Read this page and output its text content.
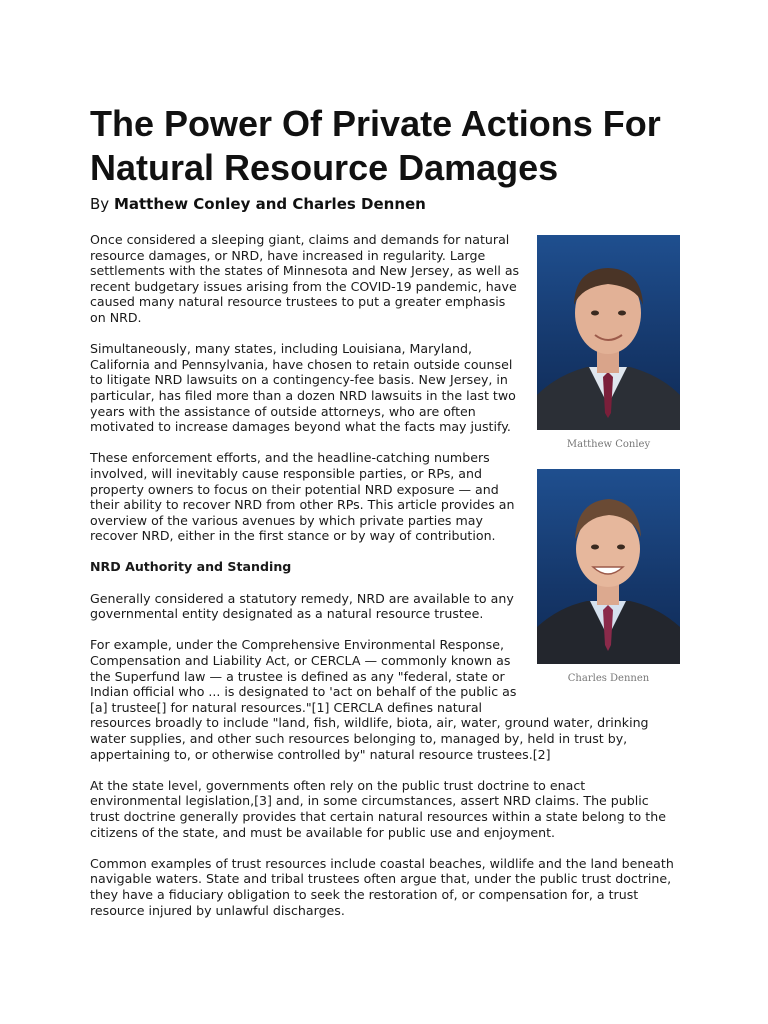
The Power Of Private Actions For Natural Resource Damages
By Matthew Conley and Charles Dennen
Matthew Conley
Charles Dennen

Once considered a sleeping giant, claims and demands for natural resource damages, or NRD, have increased in regularity. Large settlements with the states of Minnesota and New Jersey, as well as recent budgetary issues arising from the COVID-19 pandemic, have caused many natural resource trustees to put a greater emphasis on NRD.

Simultaneously, many states, including Louisiana, Maryland, California and Pennsylvania, have chosen to retain outside counsel to litigate NRD lawsuits on a contingency-fee basis. New Jersey, in particular, has filed more than a dozen NRD lawsuits in the last two years with the assistance of outside attorneys, who are often motivated to increase damages beyond what the facts may justify.

These enforcement efforts, and the headline-catching numbers involved, will inevitably cause responsible parties, or RPs, and property owners to focus on their potential NRD exposure — and their ability to recover NRD from other RPs. This article provides an overview of the various avenues by which private parties may recover NRD, either in the first stance or by way of contribution.

NRD Authority and Standing

Generally considered a statutory remedy, NRD are available to any governmental entity designated as a natural resource trustee.

For example, under the Comprehensive Environmental Response, Compensation and Liability Act, or CERCLA — commonly known as the Superfund law — a trustee is defined as any "federal, state or Indian official who ... is designated to 'act on behalf of the public as [a] trustee[] for natural resources."[1] CERCLA defines natural resources broadly to include "land, fish, wildlife, biota, air, water, ground water, drinking water supplies, and other such resources belonging to, managed by, held in trust by, appertaining to, or otherwise controlled by" natural resource trustees.[2]

At the state level, governments often rely on the public trust doctrine to enact environmental legislation,[3] and, in some circumstances, assert NRD claims. The public trust doctrine generally provides that certain natural resources within a state belong to the citizens of the state, and must be available for public use and enjoyment.

Common examples of trust resources include coastal beaches, wildlife and the land beneath navigable waters. State and tribal trustees often argue that, under the public trust doctrine, they have a fiduciary obligation to seek the restoration of, or compensation for, a trust resource injured by unlawful discharges.
